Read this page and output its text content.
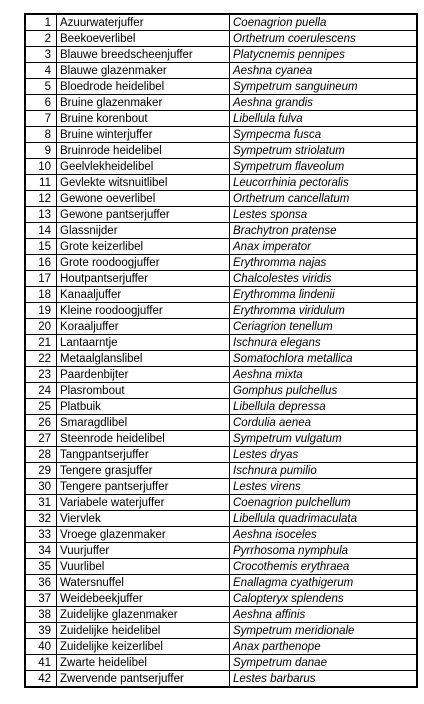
1	Azuurwaterjuffer	Coenagrion puella
2	Beekoeverlibel	Orthetrum coerulescens
3	Blauwe breedscheenjuffer	Platycnemis pennipes
4	Blauwe glazenmaker	Aeshna cyanea
5	Bloedrode heidelibel	Sympetrum sanguineum
6	Bruine glazenmaker	Aeshna grandis
7	Bruine korenbout	Libellula fulva
8	Bruine winterjuffer	Sympecma fusca
9	Bruinrode heidelibel	Sympetrum striolatum
10	Geelvlekheidelibel	Sympetrum flaveolum
11	Gevlekte witsnuitlibel	Leucorrhinia pectoralis
12	Gewone oeverlibel	Orthetrum cancellatum
13	Gewone pantserjuffer	Lestes sponsa
14	Glassnijder	Brachytron pratense
15	Grote keizerlibel	Anax imperator
16	Grote roodoogjuffer	Erythromma najas
17	Houtpantserjuffer	Chalcolestes viridis
18	Kanaaljuffer	Erythromma lindenii
19	Kleine roodoogjuffer	Erythromma viridulum
20	Koraaljuffer	Ceriagrion tenellum
21	Lantaarntje	Ischnura elegans
22	Metaalglanslibel	Somatochlora metallica
23	Paardenbijter	Aeshna mixta
24	Plasrombout	Gomphus pulchellus
25	Platbuik	Libellula depressa
26	Smaragdlibel	Cordulia aenea
27	Steenrode heidelibel	Sympetrum vulgatum
28	Tangpantserjuffer	Lestes dryas
29	Tengere grasjuffer	Ischnura pumilio
30	Tengere pantserjuffer	Lestes virens
31	Variabele waterjuffer	Coenagrion pulchellum
32	Viervlek	Libellula quadrimaculata
33	Vroege glazenmaker	Aeshna isoceles
34	Vuurjuffer	Pyrrhosoma nymphula
35	Vuurlibel	Crocothemis erythraea
36	Watersnuffel	Enallagma cyathigerum
37	Weidebeekjuffer	Calopteryx splendens
38	Zuidelijke glazenmaker	Aeshna affinis
39	Zuidelijke heidelibel	Sympetrum meridionale
40	Zuidelijke keizerlibel	Anax parthenope
41	Zwarte heidelibel	Sympetrum danae
42	Zwervende pantserjuffer	Lestes barbarus
